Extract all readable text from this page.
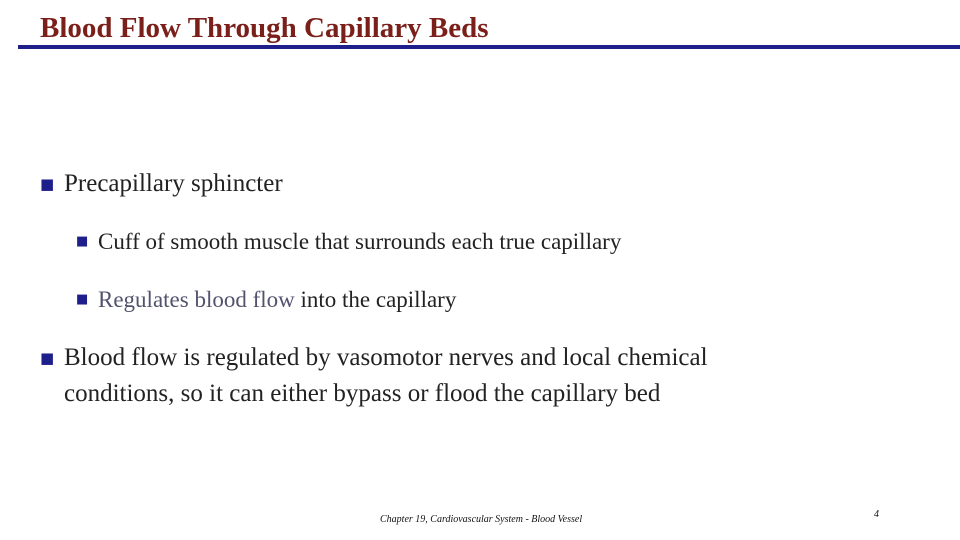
Blood Flow Through Capillary Beds
■ Precapillary sphincter
■ Cuff of smooth muscle that surrounds each true capillary
■ Regulates blood flow into the capillary
■ Blood flow is regulated by vasomotor nerves and local chemical
conditions, so it can either bypass or flood the capillary bed
Chapter 19, Cardiovascular System - Blood Vessel	4
